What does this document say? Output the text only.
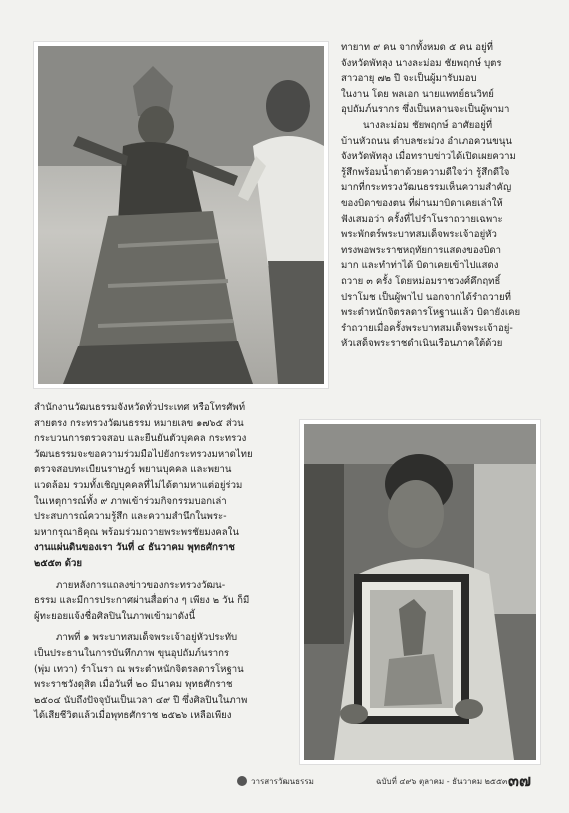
ทายาท ๙ คน จากทั้งหมด ๕ คน อยู่ที่

จังหวัดพัทลุง นางละม่อม ชัยพฤกษ์ บุตร

สาวอายุ ๗๒ ปี จะเป็นผู้มารับมอบ

ในงาน โดย พลเอก นายแพทย์ธนวิทย์

อุปถัมภ์นรากร ซึ่งเป็นหลานจะเป็นผู้พามา

นางละม่อม ชัยพฤกษ์ อาศัยอยู่ที่

บ้านหัวถนน ตำบลชะม่วง อำเภอควนขนุน

จังหวัดพัทลุง เมื่อทราบข่าวได้เปิดเผยความ

รู้สึกพร้อมน้ำตาด้วยความดีใจว่า รู้สึกดีใจ

มากที่กระทรวงวัฒนธรรมเห็นความสำคัญ

ของบิดาของตน ที่ผ่านมาบิดาเคยเล่าให้

ฟังเสมอว่า ครั้งที่ไปรำโนราถวายเฉพาะ

พระพักตร์พระบาทสมเด็จพระเจ้าอยู่หัว

ทรงพอพระราชหฤทัยการแสดงของบิดา

มาก และทำท่าได้ บิดาเคยเข้าไปแสดง

ถวาย ๓ ครั้ง โดยหม่อมราชวงศ์คึกฤทธิ์

ปราโมช เป็นผู้พาไป นอกจากได้รำถวายที่

พระตำหนักจิตรลดารโหฐานแล้ว บิดายังเคย

รำถวายเมื่อครั้งพระบาทสมเด็จพระเจ้าอยู่-

หัวเสด็จพระราชดำเนินเรือนภาคใต้ด้วย

สำนักงานวัฒนธรรมจังหวัดทั่วประเทศ หรือโทรศัพท์

สายตรง กระทรวงวัฒนธรรม หมายเลข ๑๗๖๕ ส่วน

กระบวนการตรวจสอบ และยืนยันตัวบุคคล กระทรวง

วัฒนธรรมจะขอความร่วมมือไปยังกระทรวงมหาดไทย

ตรวจสอบทะเบียนราษฎร์ พยานบุคคล และพยาน

แวดล้อม รวมทั้งเชิญบุคคลที่ไม่ได้ตามหาแต่อยู่ร่วม

ในเหตุการณ์ทั้ง ๙ ภาพเข้าร่วมกิจกรรมบอกเล่า

ประสบการณ์ความรู้สึก และความสำนึกในพระ-

มหากรุณาธิคุณ พร้อมร่วมถวายพระพรชัยมงคลใน

งานแผ่นดินของเรา วันที่ ๔ ธันวาคม พุทธศักราช

๒๕๕๓ ด้วย

ภายหลังการแถลงข่าวของกระทรวงวัฒน-

ธรรม และมีการประกาศผ่านสื่อต่าง ๆ เพียง ๒ วัน ก็มี

ผู้ทะยอยแจ้งชื่อศิลปินในภาพเข้ามาดังนี้

ภาพที่ ๑ พระบาทสมเด็จพระเจ้าอยู่หัวประทับ

เป็นประธานในการบันทึกภาพ ขุนอุปถัมภ์นรากร

(พุ่ม เทวา) รำโนรา ณ พระตำหนักจิตรลดารโหฐาน

พระราชวังดุสิต เมื่อวันที่ ๒๐ มีนาคม พุทธศักราช

๒๕๐๔ นับถึงปัจจุบันเป็นเวลา ๔๙ ปี ซึ่งศิลปินในภาพ

ได้เสียชีวิตแล้วเมื่อพุทธศักราช ๒๕๒๖ เหลือเพียง

วารสารวัฒนธรรม	ฉบับที่ ๔๙๖ ตุลาคม - ธันวาคม ๒๕๕๓ ๓๗
